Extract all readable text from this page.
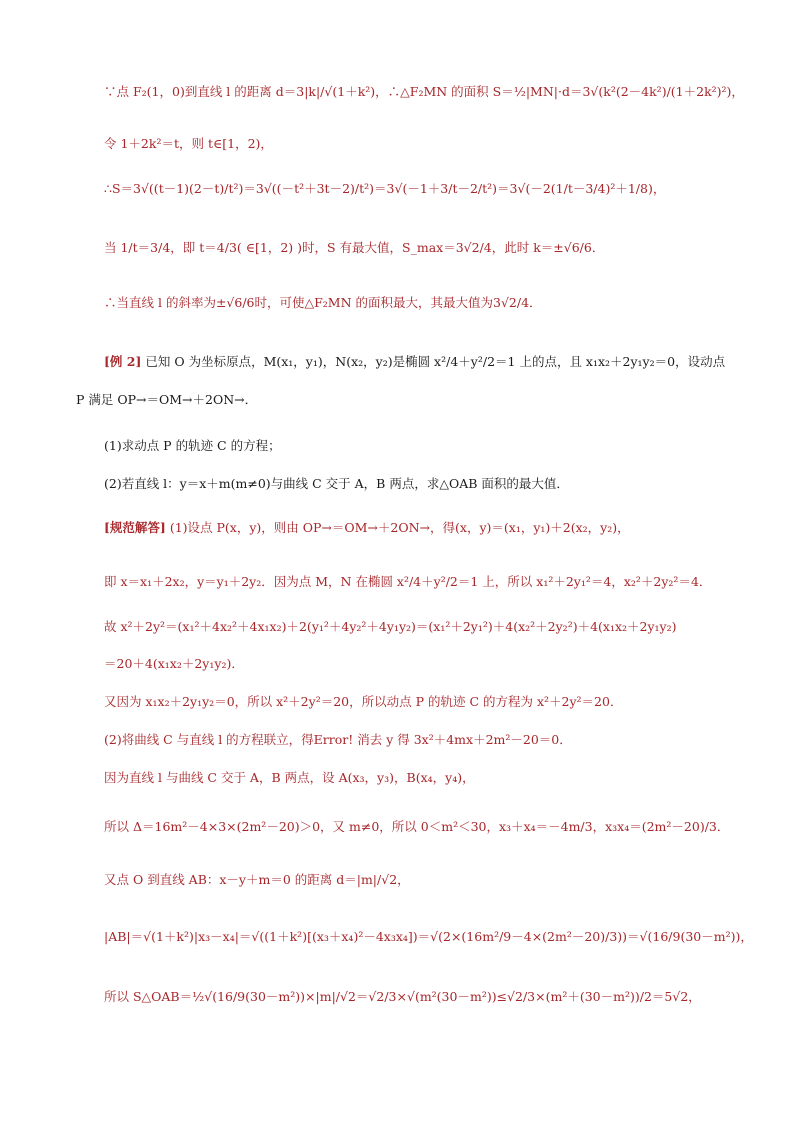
∵点 F₂(1，0)到直线 l 的距离 d＝3|k|/√(1＋k²)，∴△F₂MN 的面积 S＝½|MN|·d＝3√(k²(2－4k²)/(1＋2k²)²)，
令 1＋2k²＝t，则 t∈[1，2)，
∴S＝3√((t－1)(2－t)/t²)＝3√((－t²＋3t－2)/t²)＝3√(－1＋3/t－2/t²)＝3√(－2(1/t－3/4)²＋1/8)，
当 1/t＝3/4，即 t＝4/3( ∈[1，2) )时，S 有最大值，S_max＝3√2/4，此时 k＝±√6/6．
∴当直线 l 的斜率为±√6/6时，可使△F₂MN 的面积最大，其最大值为3√2/4．
[例 2] 已知 O 为坐标原点，M(x₁，y₁)，N(x₂，y₂)是椭圆 x²/4＋y²/2＝1 上的点，且 x₁x₂＋2y₁y₂＝0，设动点
P 满足 OP→＝OM→＋2ON→．
(1)求动点 P 的轨迹 C 的方程；
(2)若直线 l：y＝x＋m(m≠0)与曲线 C 交于 A，B 两点，求△OAB 面积的最大值．
[规范解答] (1)设点 P(x，y)，则由 OP→＝OM→＋2ON→，得(x，y)＝(x₁，y₁)＋2(x₂，y₂)，
即 x＝x₁＋2x₂，y＝y₁＋2y₂．因为点 M，N 在椭圆 x²/4＋y²/2＝1 上，所以 x₁²＋2y₁²＝4，x₂²＋2y₂²＝4．
故 x²＋2y²＝(x₁²＋4x₂²＋4x₁x₂)＋2(y₁²＋4y₂²＋4y₁y₂)＝(x₁²＋2y₁²)＋4(x₂²＋2y₂²)＋4(x₁x₂＋2y₁y₂)
＝20＋4(x₁x₂＋2y₁y₂)．
又因为 x₁x₂＋2y₁y₂＝0，所以 x²＋2y²＝20，所以动点 P 的轨迹 C 的方程为 x²＋2y²＝20．
(2)将曲线 C 与直线 l 的方程联立，得Error! 消去 y 得 3x²＋4mx＋2m²－20＝0．
因为直线 l 与曲线 C 交于 A，B 两点，设 A(x₃，y₃)，B(x₄，y₄)，
所以 Δ＝16m²－4×3×(2m²－20)＞0，又 m≠0，所以 0＜m²＜30，x₃＋x₄＝－4m/3，x₃x₄＝(2m²－20)/3．
又点 O 到直线 AB：x－y＋m＝0 的距离 d＝|m|/√2，
|AB|＝√(1＋k²)|x₃－x₄|＝√((1＋k²)[(x₃＋x₄)²－4x₃x₄])＝√(2×(16m²/9－4×(2m²－20)/3))＝√(16/9(30－m²))，
所以 S△OAB＝½√(16/9(30－m²))×|m|/√2＝√2/3×√(m²(30－m²))≤√2/3×(m²＋(30－m²))/2＝5√2，
